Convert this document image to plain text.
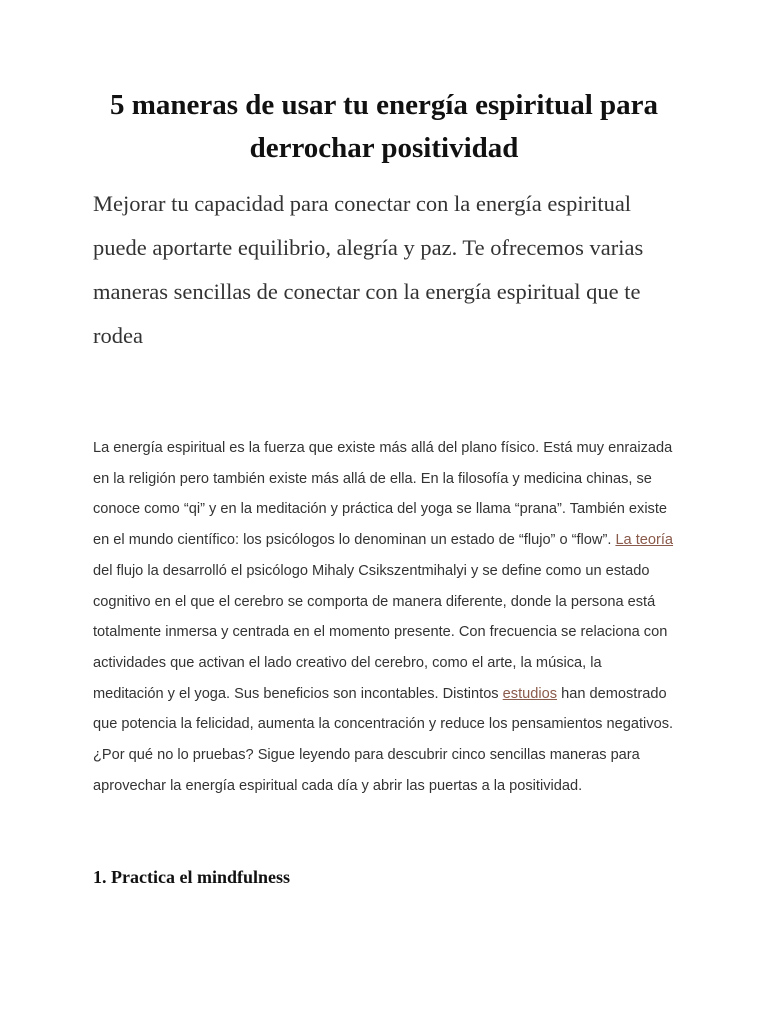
5 maneras de usar tu energía espiritual para derrochar positividad

Mejorar tu capacidad para conectar con la energía espiritual puede aportarte equilibrio, alegría y paz. Te ofrecemos varias maneras sencillas de conectar con la energía espiritual que te rodea

La energía espiritual es la fuerza que existe más allá del plano físico. Está muy enraizada en la religión pero también existe más allá de ella. En la filosofía y medicina chinas, se conoce como “qi” y en la meditación y práctica del yoga se llama “prana”. También existe en el mundo científico: los psicólogos lo denominan un estado de “flujo” o “flow”. La teoría del flujo la desarrolló el psicólogo Mihaly Csikszentmihalyi y se define como un estado cognitivo en el que el cerebro se comporta de manera diferente, donde la persona está totalmente inmersa y centrada en el momento presente. Con frecuencia se relaciona con actividades que activan el lado creativo del cerebro, como el arte, la música, la meditación y el yoga. Sus beneficios son incontables. Distintos estudios han demostrado que potencia la felicidad, aumenta la concentración y reduce los pensamientos negativos. ¿Por qué no lo pruebas? Sigue leyendo para descubrir cinco sencillas maneras para aprovechar la energía espiritual cada día y abrir las puertas a la positividad.

1. Practica el mindfulness
